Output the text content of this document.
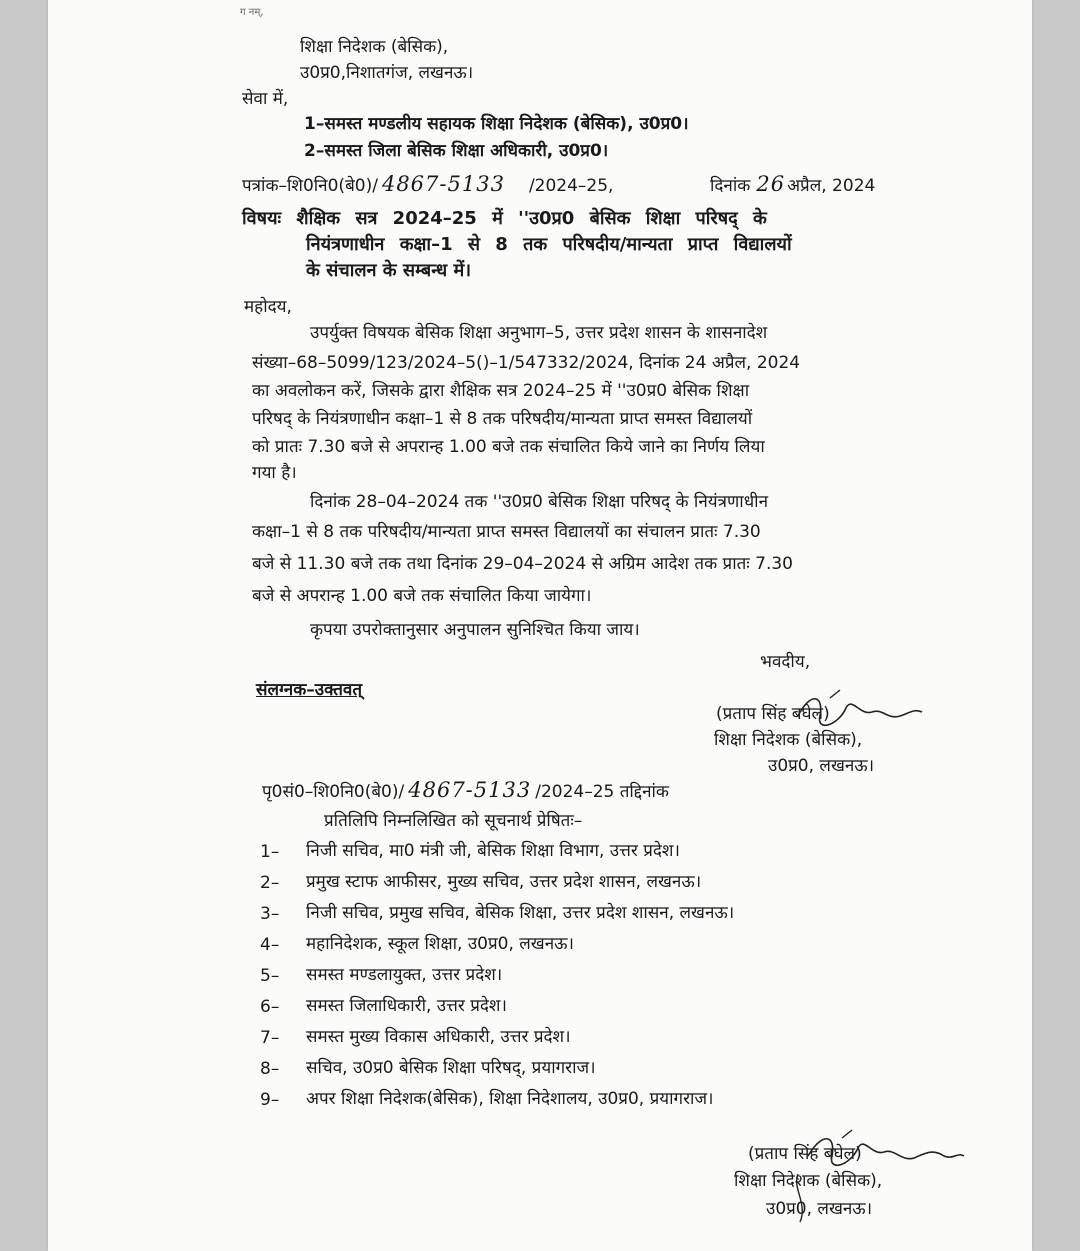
ग नम्,
शिक्षा निदेशक (बेसिक),
उ0प्र0,निशातगंज, लखनऊ।
सेवा में,
1–समस्त मण्डलीय सहायक शिक्षा निदेशक (बेसिक), उ0प्र0।
2–समस्त जिला बेसिक शिक्षा अधिकारी, उ0प्र0।
पत्रांक–शि0नि0(बे0)/ 4867-5133 /2024–25,	दिनांक 26 अप्रैल, 2024
विषयः शैक्षिक सत्र 2024–25 में ''उ0प्र0 बेसिक शिक्षा परिषद् के
नियंत्रणाधीन कक्षा–1 से 8 तक परिषदीय/मान्यता प्राप्त विद्यालयों
के संचालन के सम्बन्ध में।
महोदय,
उपर्युक्त विषयक बेसिक शिक्षा अनुभाग–5, उत्तर प्रदेश शासन के शासनादेश
संख्या–68–5099/123/2024–5()–1/547332/2024, दिनांक 24 अप्रैल, 2024
का अवलोकन करें, जिसके द्वारा शैक्षिक सत्र 2024–25 में ''उ0प्र0 बेसिक शिक्षा
परिषद् के नियंत्रणाधीन कक्षा–1 से 8 तक परिषदीय/मान्यता प्राप्त समस्त विद्यालयों
को प्रातः 7.30 बजे से अपरान्ह 1.00 बजे तक संचालित किये जाने का निर्णय लिया
गया है।
दिनांक 28–04–2024 तक ''उ0प्र0 बेसिक शिक्षा परिषद् के नियंत्रणाधीन
कक्षा–1 से 8 तक परिषदीय/मान्यता प्राप्त समस्त विद्यालयों का संचालन प्रातः 7.30
बजे से 11.30 बजे तक तथा दिनांक 29–04–2024 से अग्रिम आदेश तक प्रातः 7.30
बजे से अपरान्ह 1.00 बजे तक संचालित किया जायेगा।
कृपया उपरोक्तानुसार अनुपालन सुनिश्चित किया जाय।
भवदीय,
संलग्नक–उक्तवत्
(प्रताप सिंह बघेल)
शिक्षा निदेशक (बेसिक),
उ0प्र0, लखनऊ।
पृ0सं0–शि0नि0(बे0)/ 4867-5133 /2024–25 तद्दिनांक
प्रतिलिपि निम्नलिखित को सूचनार्थ प्रेषितः–
1– निजी सचिव, मा0 मंत्री जी, बेसिक शिक्षा विभाग, उत्तर प्रदेश।
2– प्रमुख स्टाफ आफीसर, मुख्य सचिव, उत्तर प्रदेश शासन, लखनऊ।
3– निजी सचिव, प्रमुख सचिव, बेसिक शिक्षा, उत्तर प्रदेश शासन, लखनऊ।
4– महानिदेशक, स्कूल शिक्षा, उ0प्र0, लखनऊ।
5– समस्त मण्डलायुक्त, उत्तर प्रदेश।
6– समस्त जिलाधिकारी, उत्तर प्रदेश।
7– समस्त मुख्य विकास अधिकारी, उत्तर प्रदेश।
8– सचिव, उ0प्र0 बेसिक शिक्षा परिषद्, प्रयागराज।
9– अपर शिक्षा निदेशक(बेसिक), शिक्षा निदेशालय, उ0प्र0, प्रयागराज।
(प्रताप सिंह बघेल)
शिक्षा निदेशक (बेसिक),
उ0प्र0, लखनऊ।
